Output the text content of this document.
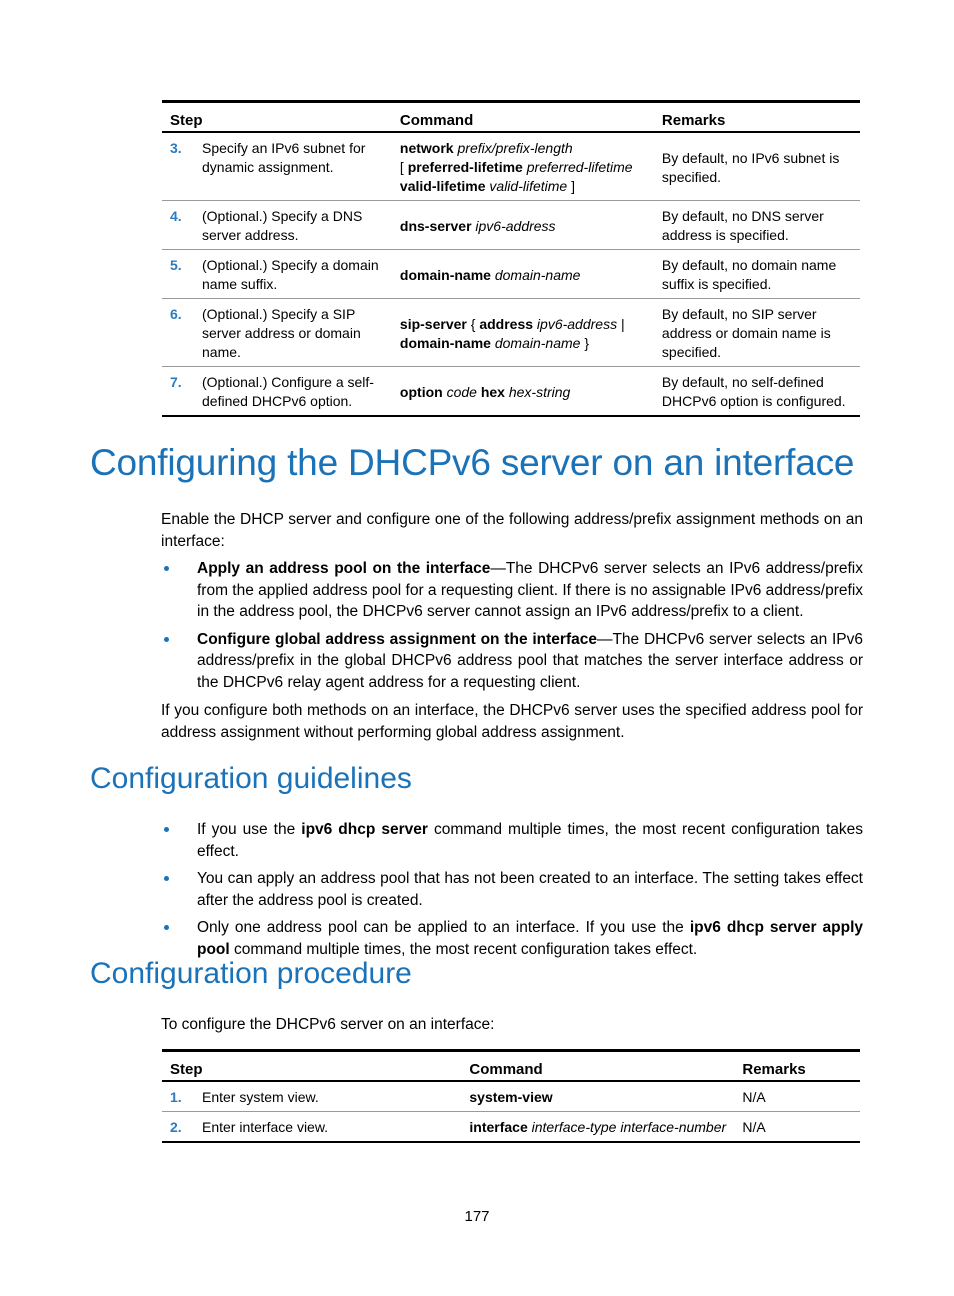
Step		Command	Remarks
3.	Specify an IPv6 subnet for dynamic assignment.	network prefix/prefix-length
[ preferred-lifetime preferred-lifetime
valid-lifetime valid-lifetime ]	By default, no IPv6 subnet is specified.
4.	(Optional.) Specify a DNS server address.	dns-server ipv6-address	By default, no DNS server address is specified.
5.	(Optional.) Specify a domain name suffix.	domain-name domain-name	By default, no domain name suffix is specified.
6.	(Optional.) Specify a SIP server address or domain name.	sip-server { address ipv6-address |
domain-name domain-name }	By default, no SIP server address or domain name is specified.
7.	(Optional.) Configure a self-defined DHCPv6 option.	option code hex hex-string	By default, no self-defined DHCPv6 option is configured.
Configuring the DHCPv6 server on an interface
Enable the DHCP server and configure one of the following address/prefix assignment methods on an interface:
Apply an address pool on the interface—The DHCPv6 server selects an IPv6 address/prefix from the applied address pool for a requesting client. If there is no assignable IPv6 address/prefix in the address pool, the DHCPv6 server cannot assign an IPv6 address/prefix to a client.
Configure global address assignment on the interface—The DHCPv6 server selects an IPv6 address/prefix in the global DHCPv6 address pool that matches the server interface address or the DHCPv6 relay agent address for a requesting client.
If you configure both methods on an interface, the DHCPv6 server uses the specified address pool for address assignment without performing global address assignment.
Configuration guidelines
If you use the ipv6 dhcp server command multiple times, the most recent configuration takes effect.
You can apply an address pool that has not been created to an interface. The setting takes effect after the address pool is created.
Only one address pool can be applied to an interface. If you use the ipv6 dhcp server apply pool command multiple times, the most recent configuration takes effect.
Configuration procedure
To configure the DHCPv6 server on an interface:
Step		Command	Remarks
1.	Enter system view.	system-view	N/A
2.	Enter interface view.	interface interface-type interface-number	N/A
177
